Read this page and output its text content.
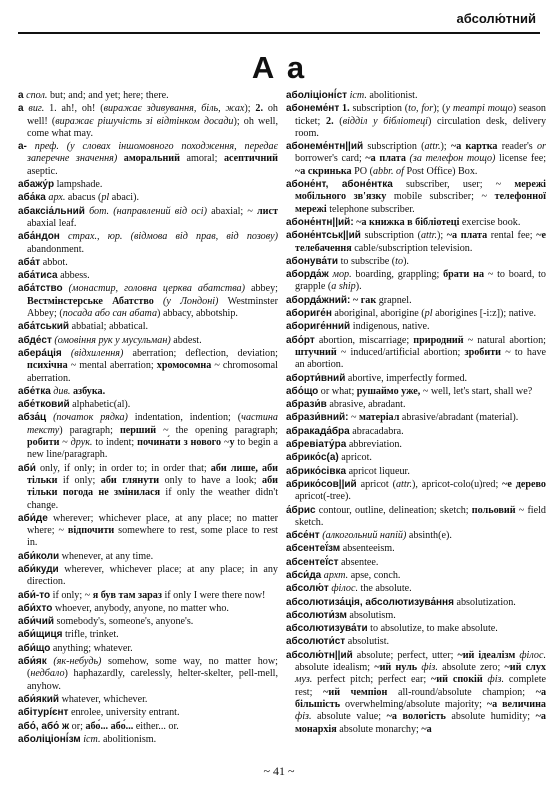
абсолю́тний
А а

а спол. but; and; and yet; here; there.

а виг. 1. ah!, oh! (виражає здивування, біль, жах); 2. oh well! (виражає рішучість зі відтінком досади); oh well, come what may.

а- преф. (у словах іншомовного походження, передає заперечне значення) аморальний amoral; асептичний aseptic.

абажу́р lampshade.

аба́ка арх. abacus (pl abaci).

абаксіа́льний бот. (направлений від осі) abaxial; ~ лист abaxial leaf.

аба́ндон страх., юр. (відмова від прав, від позову) abandonment.

аба́т abbot.

аба́тиса abbess.

аба́тство (монастир, головна церква абатства) abbey; Вестмінстерське Абатство (у Лондоні) Westminster Abbey; (посада або сан абата) abbacy, abbotship.

аба́тський abbatial; abbatical.

абде́ст (омовіння рук у мусульман) abdest.

аберáція (відхилення) aberration; deflection, deviation; психічна ~ mental aberration; хромосомна ~ chromosomal aberration.

абе́тка див. азбука.

абе́тковий alphabetic(al).

абза́ц (початок рядка) indentation, indention; (частина тексту) paragraph; перший ~ the opening paragraph; робити ~ друк. to indent; почина́ти з нового ~у to begin a new line/paragraph.

аби́ only, if only; in order to; in order that; аби лише, аби тільки if only; аби глянути only to have a look; аби тільки погода не змінилася if only the weather didn't change.

аби́де wherever; whichever place, at any place; no matter where; ~ відпочити somewhere to rest, some place to rest in.

аби́коли whenever, at any time.

аби́куди wherever, whichever place; at any place; in any direction.

аби́-то if only; ~ я був там зараз if only I were there now!

аби́хто whoever, anybody, anyone, no matter who.

аби́чий somebody's, someone's, anyone's.

аби́щиця trifle, trinket.

аби́що anything; whatever.

аби́як (як-небудь) somehow, some way, no matter how; (недбало) haphazardly, carelessly, helter-skelter, pell-mell, anyhow.

аби́який whatever, whichever.

абітурíєнт enrolee, university entrant.

або́, або́ ж or; або́... або́... either... or.

аболіціоні́зм іст. abolitionism.

аболіціоні́ст іст. abolitionist.

абонеме́нт 1. subscription (to, for); (у театрі тощо) season ticket; 2. (відділ у бібліотеці) circulation desk, delivery room.

абонеме́нтн||ий subscription (attr.); ~а картка reader's or borrower's card; ~а плата (за телефон тощо) license fee; ~а скринька PO (abbr. of Post Office) Box.

абоне́нт, абоне́нтка subscriber, user; ~ мережі мобільного зв'язку mobile subscriber; ~ телефонної мережі telephone subscriber.

абоне́нтн||ий: ~а книжка в бібліотеці exercise book.

абоне́нтськ||ий subscription (attr.); ~а плата rental fee; ~е телебачення cable/subscription television.

абонува́ти to subscribe (to).

аборда́ж мор. boarding, grappling; брати на ~ to board, to grapple (a ship).

абордá́жний: ~ гак grapnel.

абориге́н aboriginal, aborigine (pl aborigines [-i:z]); native.

абориге́нний indigenous, native.

або́рт abortion, miscarriage; природний ~ natural abortion; штучний ~ induced/artificial abortion; зробити ~ to have an abortion.

аборти́вний abortive, imperfectly formed.

або́що or what; рушаймо уже, ~ well, let's start, shall we?

абрази́в abrasive, abradant.

абрази́вний: ~ матеріал abrasive/abradant (material).

абракада́бра abracadabra.

абревіату́ра abbreviation.

абрико́с(а) apricot.

абрико́сівка apricot liqueur.

абрико́сов||ий apricot (attr.), apricot-colo(u)red; ~е дерево apricot(-tree).

а́брис contour, outline, delineation; sketch; польовий ~ field sketch.

абсе́нт (алкогольний напій) absinth(e).

абсентеї́зм absenteeism.

абсентеї́ст absentee.

абси́да архт. apse, conch.

абсолю́т філос. the absolute.

абсолютиза́ція, абсолютизува́ння absolutization.

абсолюти́зм absolutism.

абсолютизува́ти to absolutize, to make absolute.

абсолюти́ст absolutist.

абсолю́тн||ий absolute; perfect, utter; ~ий ідеалізм філос. absolute idealism; ~ий нуль фіз. absolute zero; ~ий слух муз. perfect pitch; perfect ear; ~ий спокій фіз. complete rest; ~ий чемпіон all-round/absolute champion; ~а більшість overwhelming/absolute majority; ~а величина фіз. absolute value; ~а вологість absolute humidity; ~а монархія absolute monarchy; ~а

~ 41 ~
